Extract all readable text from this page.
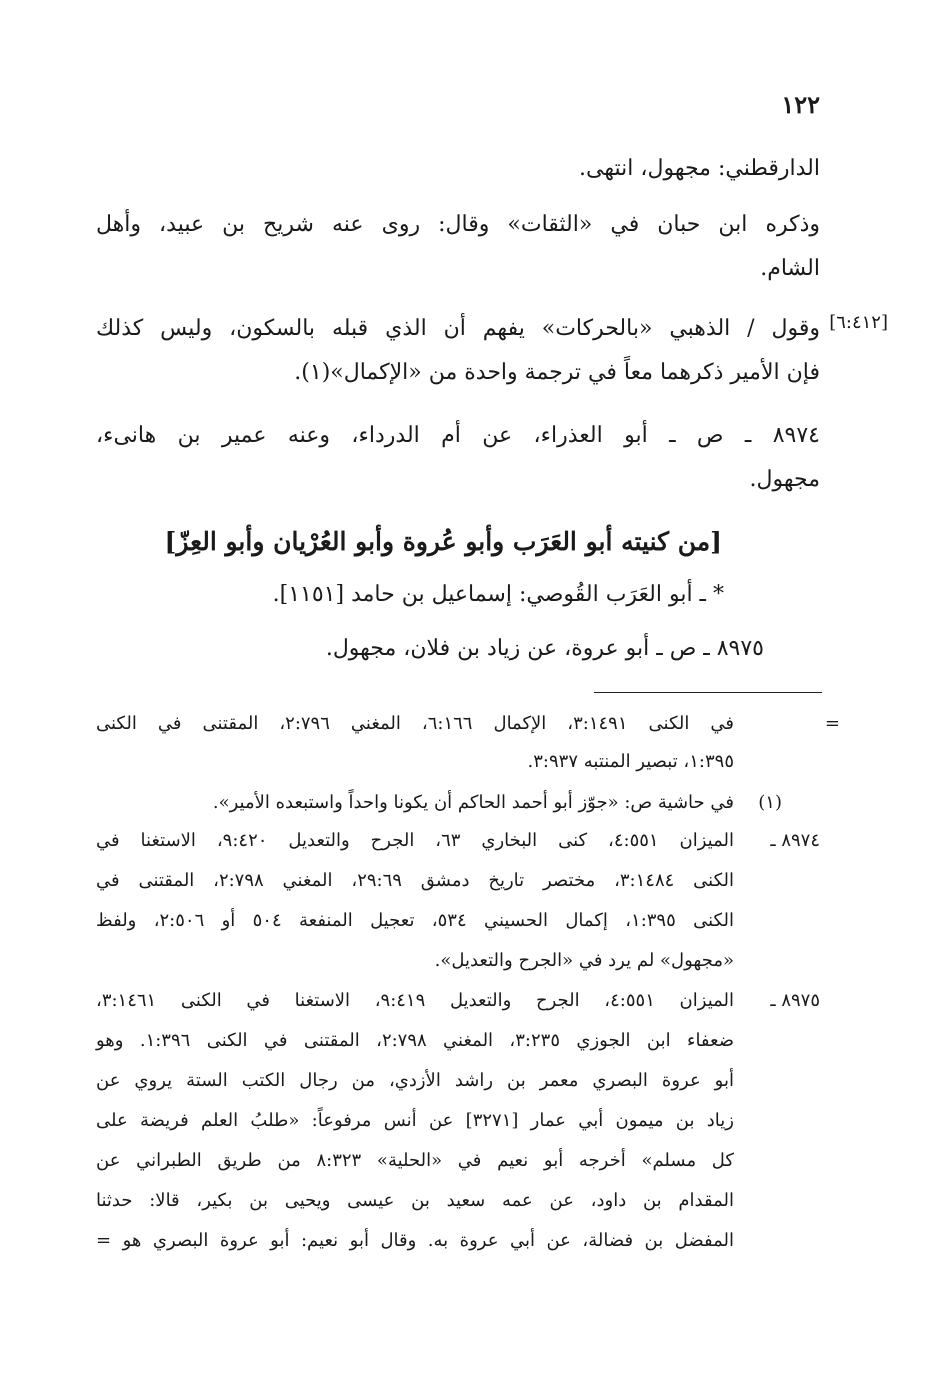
١٢٢
الدارقطني: مجهول، انتهى.
وذكره ابن حبان في «الثقات» وقال: روى عنه شريح بن عبيد، وأهل
الشام.
[٦:٤١٢]
وقول / الذهبي «بالحركات» يفهم أن الذي قبله بالسكون، وليس كذلك
فإن الأمير ذكرهما معاً في ترجمة واحدة من «الإكمال»(١).
٨٩٧٤ ـ ص ـ أبو العذراء، عن أم الدرداء، وعنه عمير بن هانىء،
مجهول.
[من كنيته أبو العَرَب وأبو عُروة وأبو العُرْيان وأبو العِزّ]
* ـ أبو العَرَب القُوصي: إسماعيل بن حامد [١١٥١].
٨٩٧٥ ـ ص ـ أبو عروة، عن زياد بن فلان، مجهول.
=
في الكنى ٣:١٤٩١، الإكمال ٦:١٦٦، المغني ٢:٧٩٦، المقتنى في الكنى
١:٣٩٥، تبصير المنتبه ٣:٩٣٧.
(١)
في حاشية ص: «جوّز أبو أحمد الحاكم أن يكونا واحداً واستبعده الأمير».
٨٩٧٤ ـ
الميزان ٤:٥٥١، كنى البخاري ٦٣، الجرح والتعديل ٩:٤٢٠، الاستغنا في
الكنى ٣:١٤٨٤، مختصر تاريخ دمشق ٢٩:٦٩، المغني ٢:٧٩٨، المقتنى في
الكنى ١:٣٩٥، إكمال الحسيني ٥٣٤، تعجيل المنفعة ٥٠٤ أو ٢:٥٠٦، ولفظ
«مجهول» لم يرد في «الجرح والتعديل».
٨٩٧٥ ـ
الميزان ٤:٥٥١، الجرح والتعديل ٩:٤١٩، الاستغنا في الكنى ٣:١٤٦١،
ضعفاء ابن الجوزي ٣:٢٣٥، المغني ٢:٧٩٨، المقتنى في الكنى ١:٣٩٦. وهو
أبو عروة البصري معمر بن راشد الأزدي، من رجال الكتب الستة يروي عن
زياد بن ميمون أبي عمار [٣٢٧١] عن أنس مرفوعاً: «طلبُ العلم فريضة على
كل مسلم» أخرجه أبو نعيم في «الحلية» ٨:٣٢٣ من طريق الطبراني عن
المقدام بن داود، عن عمه سعيد بن عيسى ويحيى بن بكير، قالا: حدثنا
المفضل بن فضالة، عن أبي عروة به. وقال أبو نعيم: أبو عروة البصري هو =
